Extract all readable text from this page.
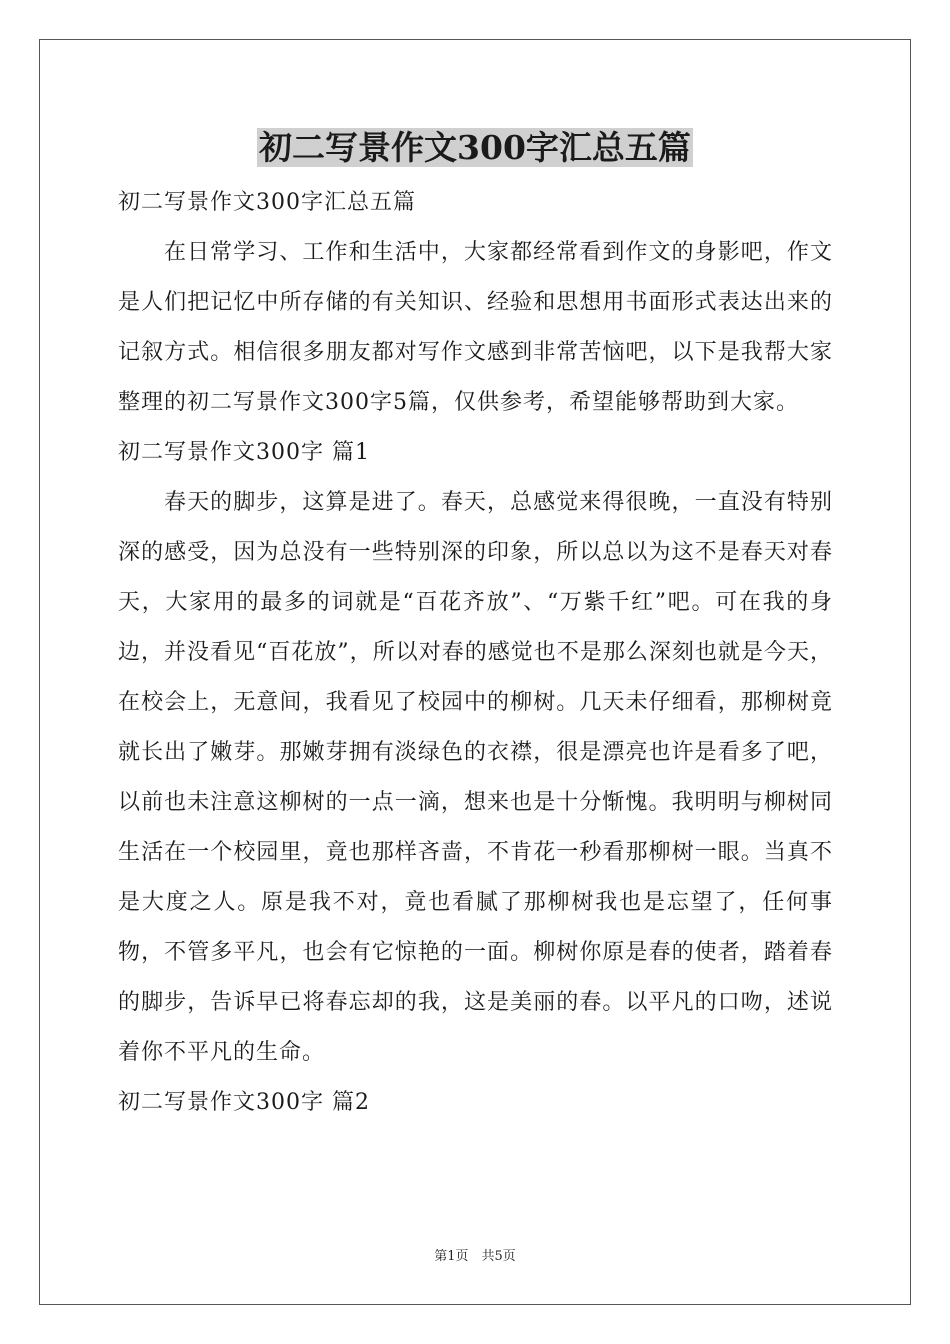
初二写景作文300字汇总五篇

初二写景作文300字汇总五篇

在日常学习、工作和生活中，大家都经常看到作文的身影吧，作文是人们把记忆中所存储的有关知识、经验和思想用书面形式表达出来的记叙方式。相信很多朋友都对写作文感到非常苦恼吧，以下是我帮大家整理的初二写景作文300字5篇，仅供参考，希望能够帮助到大家。

初二写景作文300字 篇1

春天的脚步，这算是进了。春天，总感觉来得很晚，一直没有特别深的感受，因为总没有一些特别深的印象，所以总以为这不是春天对春天，大家用的最多的词就是“百花齐放”、“万紫千红”吧。可在我的身边，并没看见“百花放”，所以对春的感觉也不是那么深刻也就是今天，在校会上，无意间，我看见了校园中的柳树。几天未仔细看，那柳树竟就长出了嫩芽。那嫩芽拥有淡绿色的衣襟，很是漂亮也许是看多了吧，以前也未注意这柳树的一点一滴，想来也是十分惭愧。我明明与柳树同生活在一个校园里，竟也那样吝啬，不肯花一秒看那柳树一眼。当真不是大度之人。原是我不对，竟也看腻了那柳树我也是忘望了，任何事物，不管多平凡，也会有它惊艳的一面。柳树你原是春的使者，踏着春的脚步，告诉早已将春忘却的我，这是美丽的春。以平凡的口吻，述说着你不平凡的生命。

初二写景作文300字 篇2

第1页　共5页
